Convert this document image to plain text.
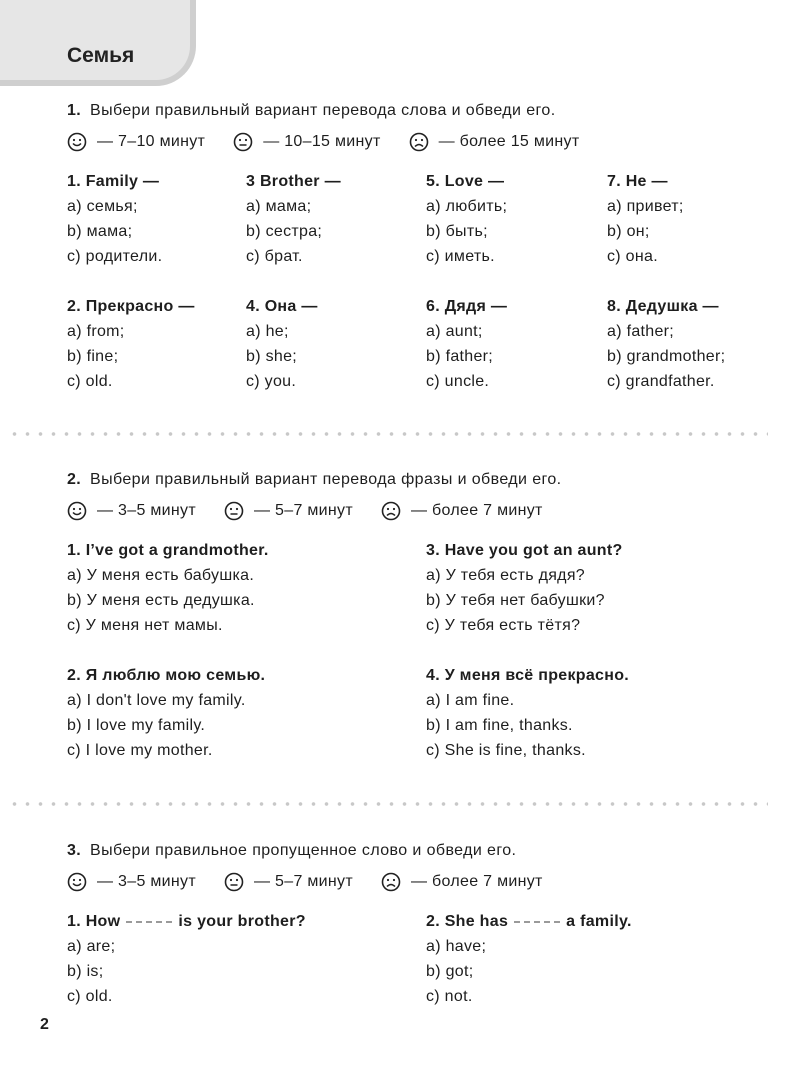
Семья
1. Выбери правильный вариант перевода слова и обведи его.
— 7–10 минут	— 10–15 минут	— более 15 минут
1. Family —
a) семья;
b) мама;
c) родители.
3 Brother —
a) мама;
b) сестра;
c) брат.
5. Love —
a) любить;
b) быть;
c) иметь.
7. He —
a) привет;
b) он;
c) она.
2. Прекрасно —
a) from;
b) fine;
c) old.
4. Она —
a) he;
b) she;
c) you.
6. Дядя —
a) aunt;
b) father;
c) uncle.
8. Дедушка —
a) father;
b) grandmother;
c) grandfather.
2. Выбери правильный вариант перевода фразы и обведи его.
— 3–5 минут	— 5–7 минут	— более 7 минут
1. I’ve got a grandmother.
a) У меня есть бабушка.
b) У меня есть дедушка.
c) У меня нет мамы.
3. Have you got an aunt?
a) У тебя есть дядя?
b) У тебя нет бабушки?
c) У тебя есть тётя?
2. Я люблю мою семью.
a) I don't love my family.
b) I love my family.
c) I love my mother.
4. У меня всё прекрасно.
a) I am fine.
b) I am fine, thanks.
c) She is fine, thanks.
3. Выбери правильное пропущенное слово и обведи его.
— 3–5 минут	— 5–7 минут	— более 7 минут
1. How	is your brother?
a) are;
b) is;
c) old.
2. She has	a family.
a) have;
b) got;
c) not.
2
